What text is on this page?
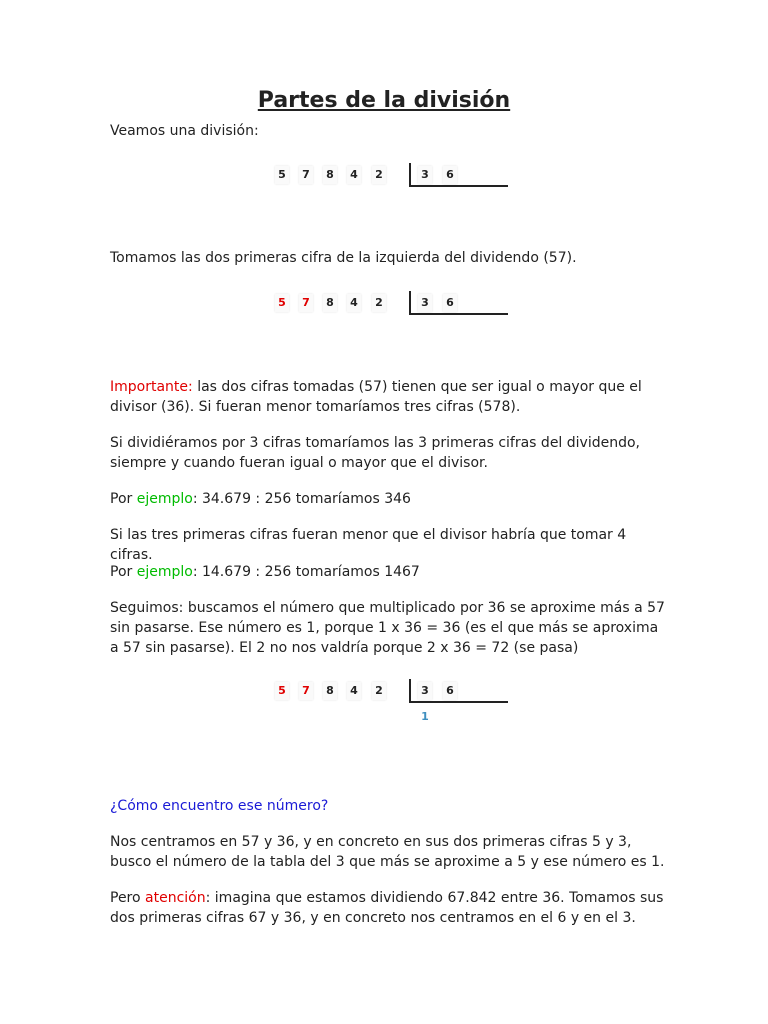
Partes de la división

Veamos una división:

5 7 8 4 2	3 6

Tomamos las dos primeras cifra de la izquierda del dividendo (57).

5 7 8 4 2	3 6

Importante: las dos cifras tomadas (57) tienen que ser igual o mayor que el divisor (36). Si fueran menor tomaríamos tres cifras (578).

Si dividiéramos por 3 cifras tomaríamos las 3 primeras cifras del dividendo, siempre y cuando fueran igual o mayor que el divisor.

Por ejemplo: 34.679 : 256 tomaríamos 346

Si las tres primeras cifras fueran menor que el divisor habría que tomar 4 cifras.

Por ejemplo: 14.679 : 256 tomaríamos 1467

Seguimos: buscamos el número que multiplicado por 36 se aproxime más a 57 sin pasarse. Ese número es 1, porque 1 x 36 = 36 (es el que más se aproxima a 57 sin pasarse). El 2 no nos valdría porque 2 x 36 = 72 (se pasa)

5 7 8 4 2	3 6
1

¿Cómo encuentro ese número?

Nos centramos en 57 y 36, y en concreto en sus dos primeras cifras 5 y 3, busco el número de la tabla del 3 que más se aproxime a 5 y ese número es 1.

Pero atención: imagina que estamos dividiendo 67.842 entre 36. Tomamos sus dos primeras cifras 67 y 36, y en concreto nos centramos en el 6 y en el 3.
